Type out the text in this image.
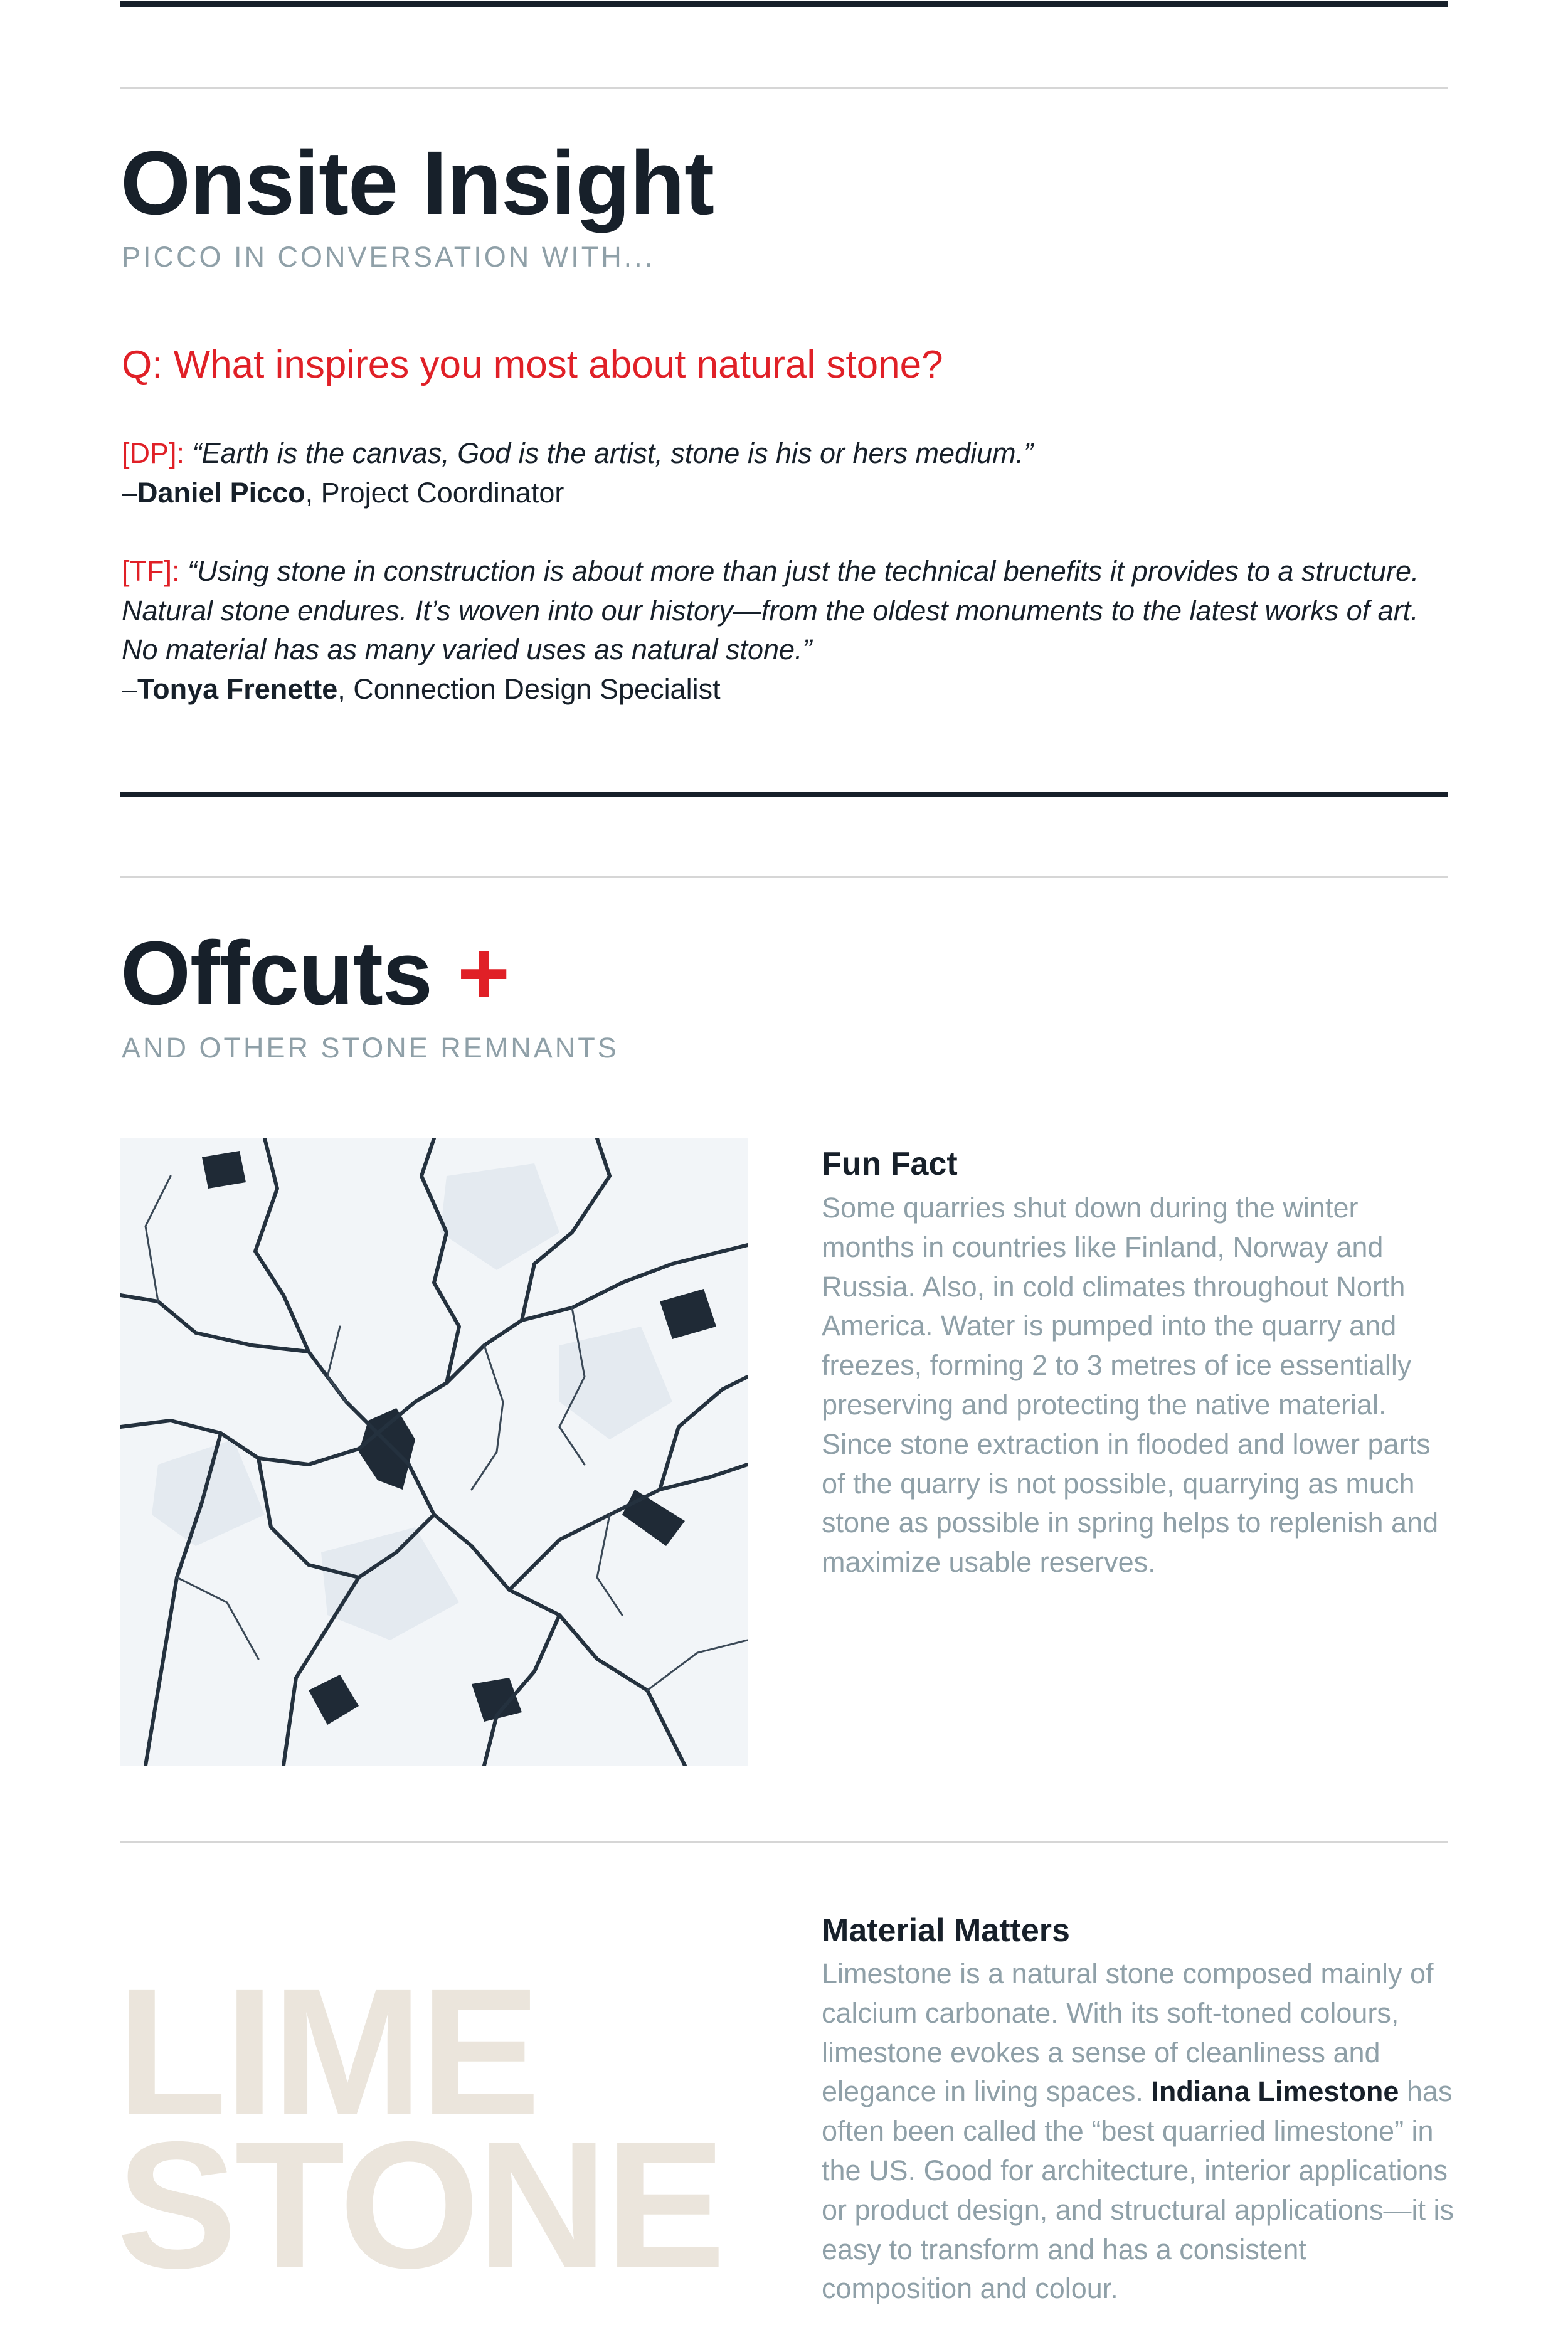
Onsite Insight
PICCO IN CONVERSATION WITH...
Q: What inspires you most about natural stone?
[DP]: “Earth is the canvas, God is the artist, stone is his or hers medium.”
–Daniel Picco, Project Coordinator
[TF]: “Using stone in construction is about more than just the technical benefits it provides to a structure. Natural stone endures. It’s woven into our history—from the oldest monuments to the latest works of art. No material has as many varied uses as natural stone.”
–Tonya Frenette, Connection Design Specialist
Offcuts +
AND OTHER STONE REMNANTS
Fun Fact
Some quarries shut down during the winter months in countries like Finland, Norway and Russia. Also, in cold climates throughout North America. Water is pumped into the quarry and freezes, forming 2 to 3 metres of ice essentially preserving and protecting the native material. Since stone extraction in flooded and lower parts of the quarry is not possible, quarrying as much stone as possible in spring helps to replenish and maximize usable reserves.
LIME
STONE
Material Matters
Limestone is a natural stone composed mainly of calcium carbonate. With its soft-toned colours, limestone evokes a sense of cleanliness and elegance in living spaces. Indiana Limestone has often been called the “best quarried limestone” in the US. Good for architecture, interior applications or product design, and structural applications—it is easy to transform and has a consistent composition and colour.
